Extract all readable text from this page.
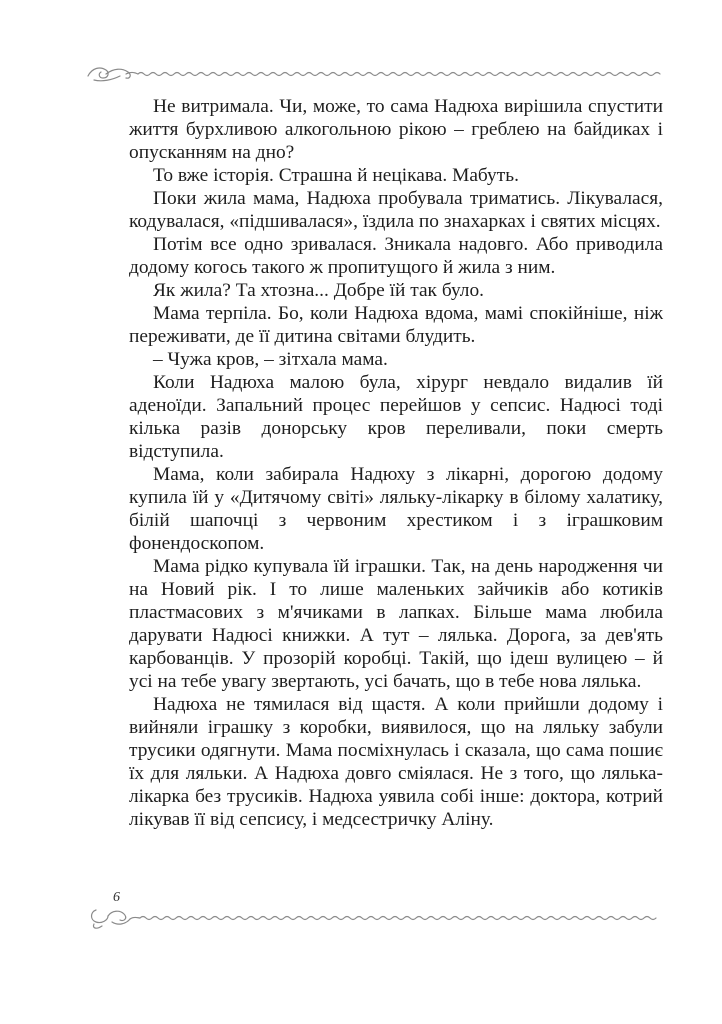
Не витримала. Чи, може, то сама Надюха вирішила спустити життя бурхливою алкогольною рікою – греблею на байдиках і опусканням на дно?

То вже історія. Страшна й нецікава. Мабуть.

Поки жила мама, Надюха пробувала триматись. Лікувалася, кодувалася, «підшивалася», їздила по знахарках і святих місцях.

Потім все одно зривалася. Зникала надовго. Або приводила додому когось такого ж пропитущого й жила з ним.

Як жила? Та хтозна... Добре їй так було.

Мама терпіла. Бо, коли Надюха вдома, мамі спокійніше, ніж переживати, де її дитина світами блудить.

– Чужа кров, – зітхала мама.

Коли Надюха малою була, хірург невдало видалив їй аденоїди. Запальний процес перейшов у сепсис. Надюсі тоді кілька разів донорську кров переливали, поки смерть відступила.

Мама, коли забирала Надюху з лікарні, дорогою додому купила їй у «Дитячому світі» ляльку-лікарку в білому халатику, білій шапочці з червоним хрестиком і з іграшковим фонендоскопом.

Мама рідко купувала їй іграшки. Так, на день народження чи на Новий рік. І то лише маленьких зайчиків або котиків пластмасових з м'ячиками в лапках. Більше мама любила дарувати Надюсі книжки. А тут – лялька. Дорога, за дев'ять карбованців. У прозорій коробці. Такій, що ідеш вулицею – й усі на тебе увагу звертають, усі бачать, що в тебе нова лялька.

Надюха не тямилася від щастя. А коли прийшли додому і вийняли іграшку з коробки, виявилося, що на ляльку забули трусики одягнути. Мама посміхнулась і сказала, що сама пошиє їх для ляльки. А Надюха довго сміялася. Не з того, що лялька-лікарка без трусиків. Надюха уявила собі інше: доктора, котрий лікував її від сепсису, і медсестричку Аліну.

6
